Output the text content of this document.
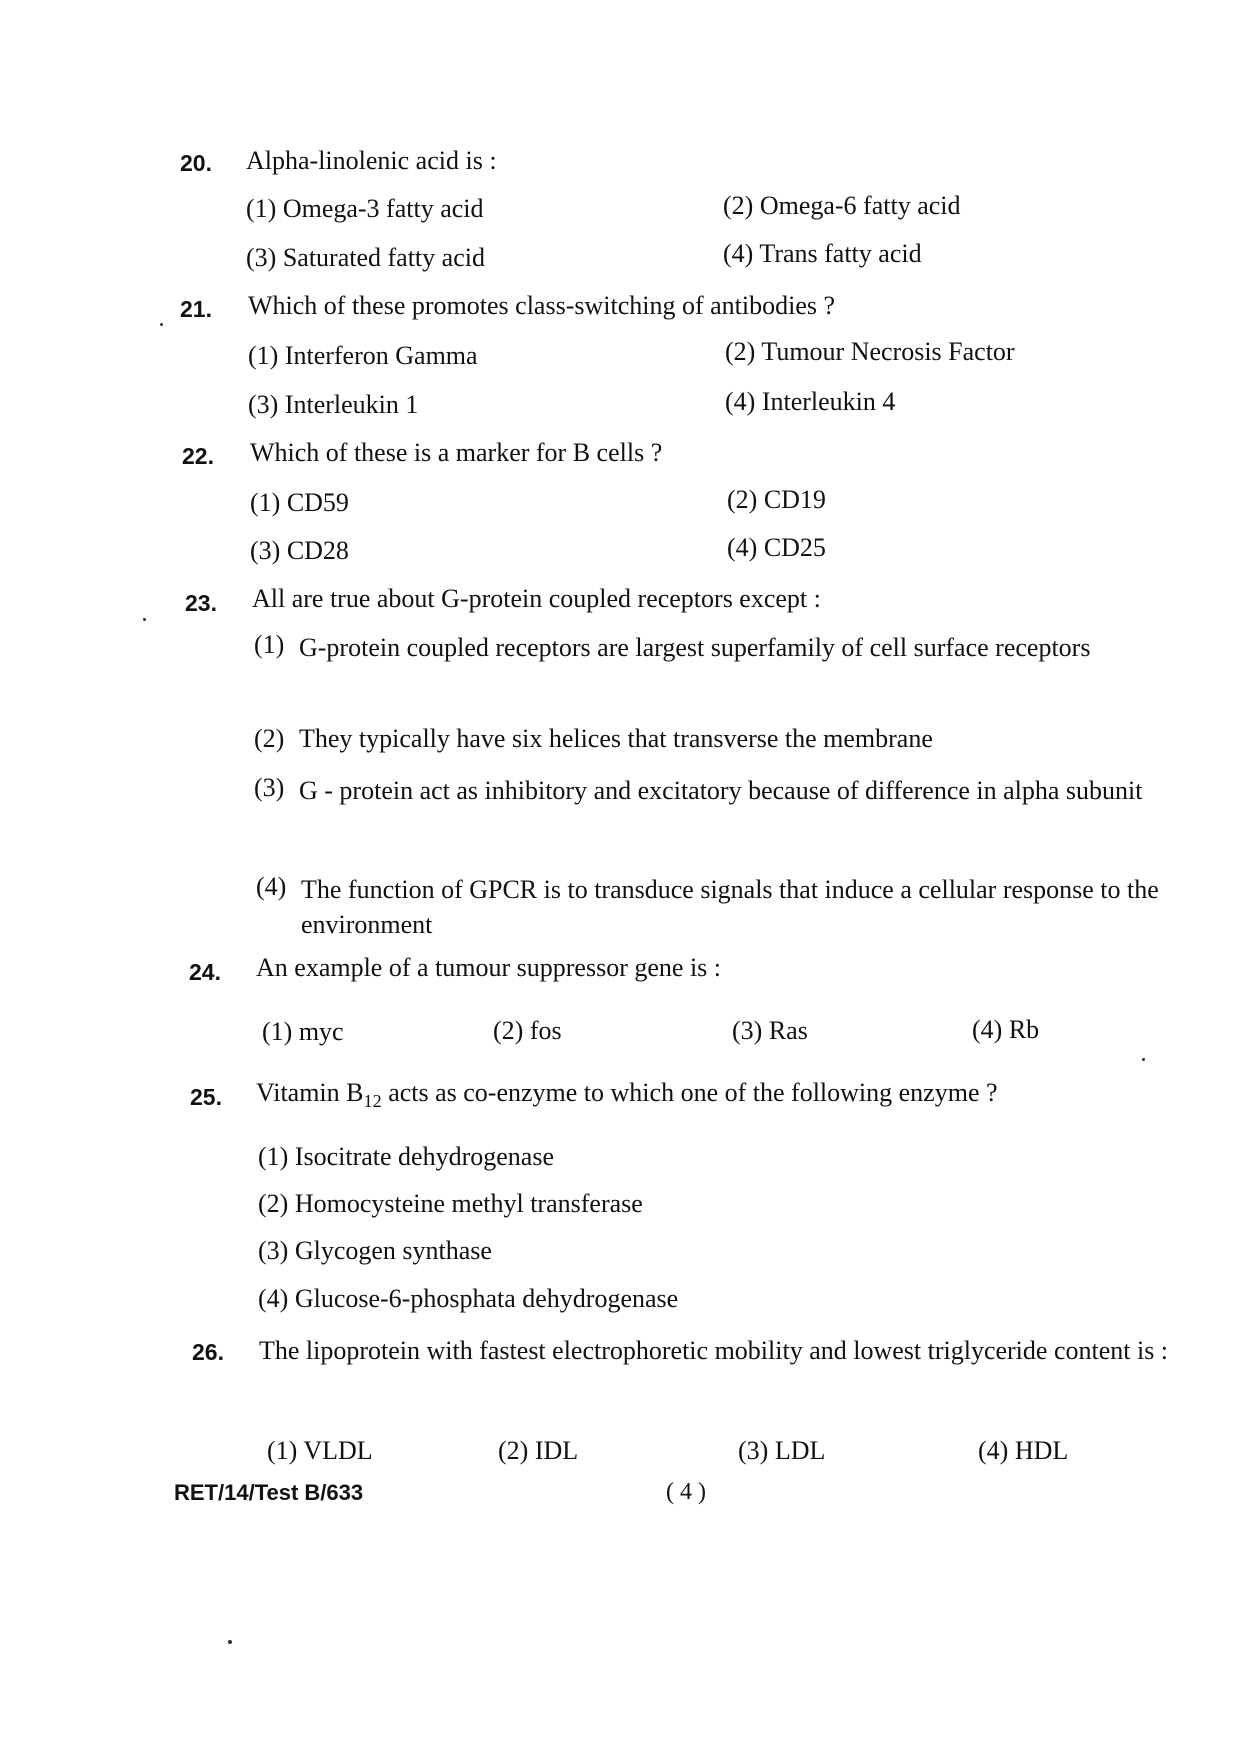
20. Alpha-linolenic acid is :
(1) Omega-3 fatty acid	(2) Omega-6 fatty acid
(3) Saturated fatty acid	(4) Trans fatty acid
21. Which of these promotes class-switching of antibodies ?
(1) Interferon Gamma	(2) Tumour Necrosis Factor
(3) Interleukin 1	(4) Interleukin 4
22. Which of these is a marker for B cells ?
(1) CD59	(2) CD19
(3) CD28	(4) CD25
23. All are true about G-protein coupled receptors except :
(1) G-protein coupled receptors are largest superfamily of cell surface receptors
(2) They typically have six helices that transverse the membrane
(3) G - protein act as inhibitory and excitatory because of difference in alpha subunit
(4) The function of GPCR is to transduce signals that induce a cellular response to the environment
24. An example of a tumour suppressor gene is :
(1) myc	(2) fos	(3) Ras	(4) Rb
25. Vitamin $B_{12}$ acts as co-enzyme to which one of the following enzyme ?
(1) Isocitrate dehydrogenase
(2) Homocysteine methyl transferase
(3) Glycogen synthase
(4) Glucose-6-phosphata dehydrogenase
26. The lipoprotein with fastest electrophoretic mobility and lowest triglyceride content is :
(1) VLDL	(2) IDL	(3) LDL	(4) HDL
RET/14/Test B/633	( 4 )
